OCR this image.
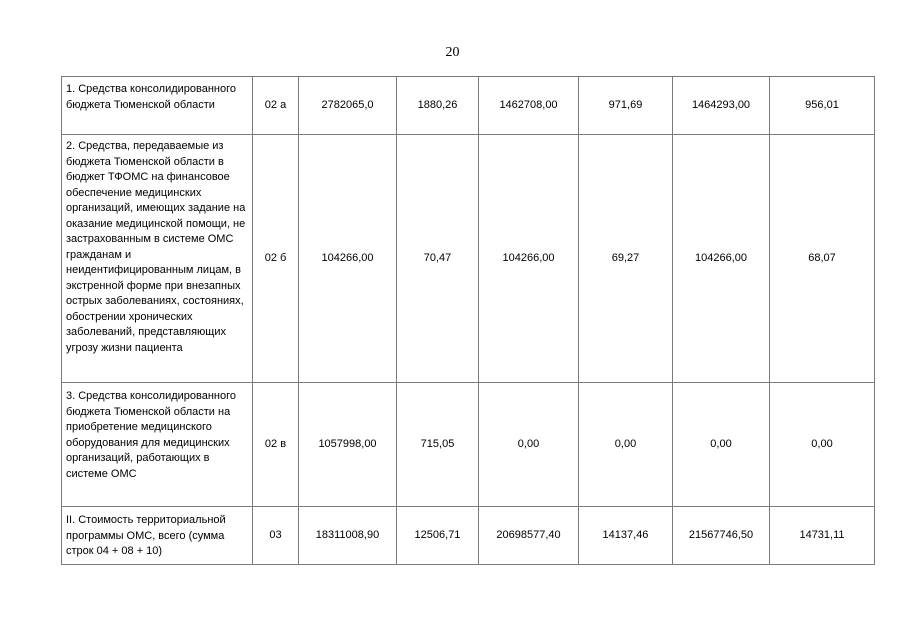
20
1. Средства консолидированного бюджета Тюменской области	02 а	2782065,0	1880,26	1462708,00	971,69	1464293,00	956,01
2. Средства, передаваемые из бюджета Тюменской области в бюджет ТФОМС на финансовое обеспечение медицинских организаций, имеющих задание на оказание медицинской помощи, не застрахованным в системе ОМС гражданам и неидентифицированным лицам, в экстренной форме при внезапных острых заболеваниях, состояниях, обострении хронических заболеваний, представляющих угрозу жизни пациента	02 б	104266,00	70,47	104266,00	69,27	104266,00	68,07
3. Средства консолидированного бюджета Тюменской области на приобретение медицинского оборудования для медицинских организаций, работающих в системе ОМС	02 в	1057998,00	715,05	0,00	0,00	0,00	0,00
II. Стоимость территориальной программы ОМС, всего (сумма строк 04 + 08 + 10)	03	18311008,90	12506,71	20698577,40	14137,46	21567746,50	14731,11
